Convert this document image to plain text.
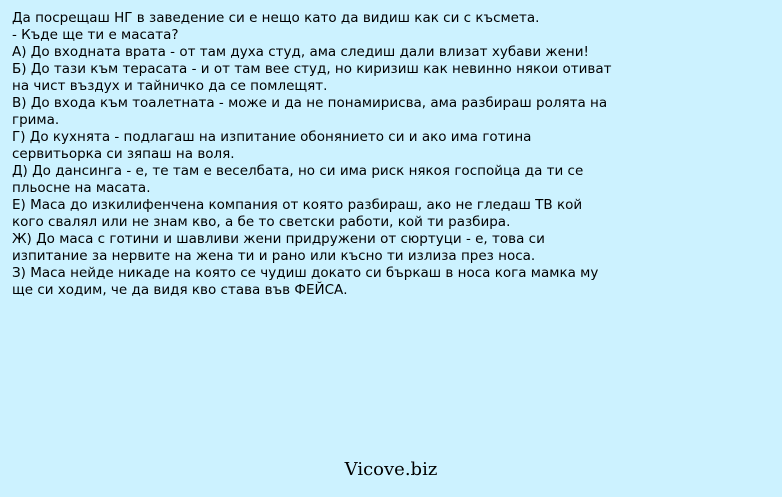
Да посрещаш НГ в заведение си е нещо като да видиш как си с късмета.

- Къде ще ти е масата?

А) До входната врата - от там духа студ, ама следиш дали влизат хубави жени!

Б) До тази към терасата - и от там вее студ, но киризиш как невинно някои отиват на чист въздух и тайничко да се помлещят.

В) До входа към тоалетната - може и да не понамирисва, ама разбираш ролята на грима.

Г) До кухнята - подлагаш на изпитание обонянието си и ако има готина сервитьорка си зяпаш на воля.

Д) До дансинга - е, те там е веселбата, но си има риск някоя госпойца да ти се пльосне на масата.

Е) Маса до изкилифенчена компания от която разбираш, ако не гледаш ТВ кой кого свалял или не знам кво, а бе то светски работи, кой ти разбира.

Ж) До маса с готини и шавливи жени придружени от сюртуци - е, това си изпитание за нервите на жена ти и рано или късно ти излиза през носа.

З) Маса нейде никаде на която се чудиш докато си бъркаш в носа кога мамка му ще си ходим, че да видя кво става във ФЕЙСА.

Vicove.biz
